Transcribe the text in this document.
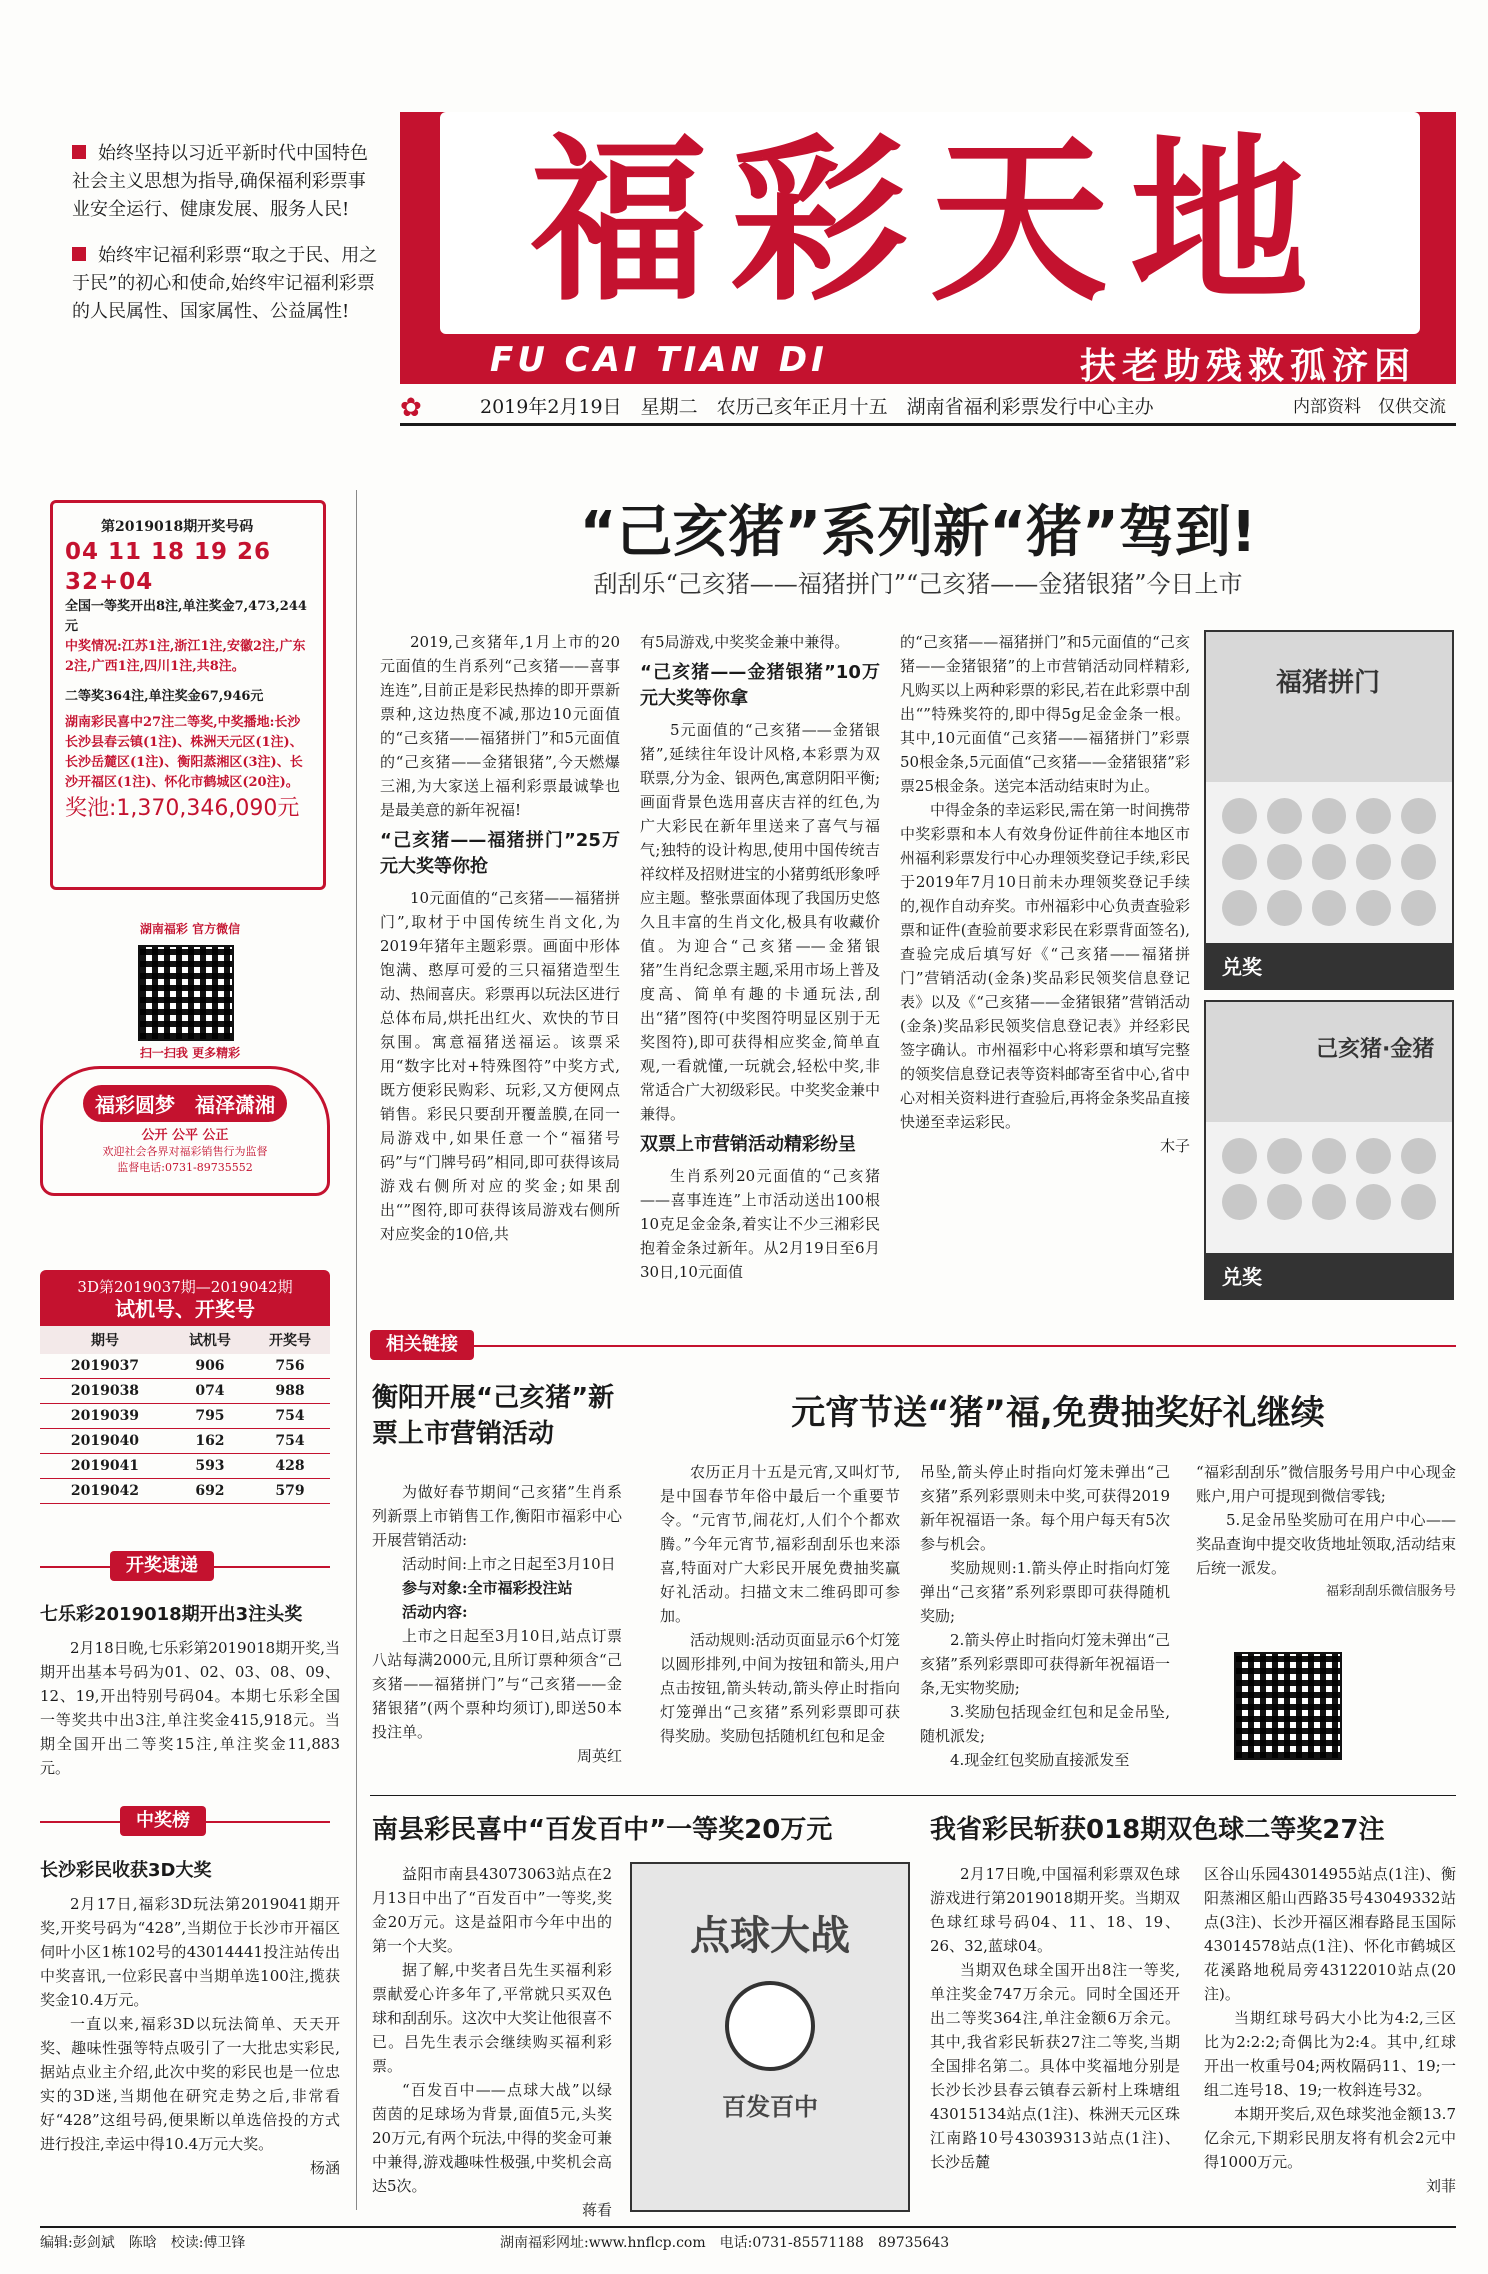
始终坚持以习近平新时代中国特色社会主义思想为指导,确保福利彩票事业安全运行、健康发展、服务人民!

始终牢记福利彩票“取之于民、用之于民”的初心和使命,始终牢记福利彩票的人民属性、国家属性、公益属性!	福彩天地
FU CAI TIAN DI	扶老助残救孤济困
✿	2019年2月19日　星期二　农历己亥年正月十五　湖南省福利彩票发行中心主办	内部资料　仅供交流
第2019018期开奖号码
04 11 18 19 26 32+04
全国一等奖开出8注,单注奖金7,473,244元
中奖情况:江苏1注,浙江1注,安徽2注,广东2注,广西1注,四川1注,共8注。
二等奖364注,单注奖金67,946元
湖南彩民喜中27注二等奖,中奖播地:长沙长沙县春云镇(1注)、株洲天元区(1注)、长沙岳麓区(1注)、衡阳蒸湘区(3注)、长沙开福区(1注)、怀化市鹤城区(20注)。
奖池:1,370,346,090元
湖南福彩 官方微信
扫一扫我 更多精彩
福彩圆梦　福泽潇湘
公开 公平 公正
欢迎社会各界对福彩销售行为监督
监督电话:0731-89735552
3D第2019037期—2019042期
试机号、开奖号
期号	试机号	开奖号
2019037	906	756
2019038	074	988
2019039	795	754
2019040	162	754
2019041	593	428
2019042	692	579
开奖速递
七乐彩2019018期开出3注头奖
2月18日晚,七乐彩第2019018期开奖,当期开出基本号码为01、02、03、08、09、12、19,开出特别号码04。本期七乐彩全国一等奖共中出3注,单注奖金415,918元。当期全国开出二等奖15注,单注奖金11,883元。
中奖榜
长沙彩民收获3D大奖

2月17日,福彩3D玩法第2019041期开奖,开奖号码为“428”,当期位于长沙市开福区伺叶小区1栋102号的43014441投注站传出中奖喜讯,一位彩民喜中当期单选100注,揽获奖金10.4万元。

一直以来,福彩3D以玩法简单、天天开奖、趣味性强等特点吸引了一大批忠实彩民,据站点业主介绍,此次中奖的彩民也是一位忠实的3D迷,当期他在研究走势之后,非常看好“428”这组号码,便果断以单选倍投的方式进行投注,幸运中得10.4万元大奖。

杨涵

“己亥猪”系列新“猪”驾到!
刮刮乐“己亥猪——福猪拼门”“己亥猪——金猪银猪”今日上市

2019,己亥猪年,1月上市的20元面值的生肖系列“己亥猪——喜事连连”,目前正是彩民热捧的即开票新票种,这边热度不减,那边10元面值的“己亥猪——福猪拼门”和5元面值的“己亥猪——金猪银猪”,今天燃爆三湘,为大家送上福利彩票最诚挚也是最美意的新年祝福!

“己亥猪——福猪拼门”25万元大奖等你抢

10元面值的“己亥猪——福猪拼门”,取材于中国传统生肖文化,为2019年猪年主题彩票。画面中形体饱满、憨厚可爱的三只福猪造型生动、热闹喜庆。彩票再以玩法区进行总体布局,烘托出红火、欢快的节日氛围。寓意福猪送福运。该票采用“数字比对+特殊图符”中奖方式,既方便彩民购彩、玩彩,又方便网点销售。彩民只要刮开覆盖膜,在同一局游戏中,如果任意一个“福猪号码”与“门牌号码”相同,即可获得该局游戏右侧所对应的奖金;如果刮出“”图符,即可获得该局游戏右侧所对应奖金的10倍,共

有5局游戏,中奖奖金兼中兼得。

“己亥猪——金猪银猪”10万元大奖等你拿

5元面值的“己亥猪——金猪银猪”,延续往年设计风格,本彩票为双联票,分为金、银两色,寓意阴阳平衡;画面背景色选用喜庆吉祥的红色,为广大彩民在新年里送来了喜气与福气;独特的设计构思,使用中国传统吉祥纹样及招财进宝的小猪剪纸形象呼应主题。整张票面体现了我国历史悠久且丰富的生肖文化,极具有收藏价值。为迎合“己亥猪——金猪银猪”生肖纪念票主题,采用市场上普及度高、简单有趣的卡通玩法,刮出“猪”图符(中奖图符明显区别于无奖图符),即可获得相应奖金,简单直观,一看就懂,一玩就会,轻松中奖,非常适合广大初级彩民。中奖奖金兼中兼得。

双票上市营销活动精彩纷呈

生肖系列20元面值的“己亥猪——喜事连连”上市活动送出100根10克足金金条,着实让不少三湘彩民抱着金条过新年。从2月19日至6月30日,10元面值

的“己亥猪——福猪拼门”和5元面值的“己亥猪——金猪银猪”的上市营销活动同样精彩,凡购买以上两种彩票的彩民,若在此彩票中刮出“”特殊奖符的,即中得5g足金金条一根。其中,10元面值“己亥猪——福猪拼门”彩票50根金条,5元面值“己亥猪——金猪银猪”彩票25根金条。送完本活动结束时为止。

中得金条的幸运彩民,需在第一时间携带中奖彩票和本人有效身份证件前往本地区市州福利彩票发行中心办理领奖登记手续,彩民于2019年7月10日前未办理领奖登记手续的,视作自动弃奖。市州福彩中心负责查验彩票和证件(查验前要求彩民在彩票背面签名),查验完成后填写好《“己亥猪——福猪拼门”营销活动(金条)奖品彩民领奖信息登记表》以及《“己亥猪——金猪银猪”营销活动(金条)奖品彩民领奖信息登记表》并经彩民签字确认。市州福彩中心将彩票和填写完整的领奖信息登记表等资料邮寄至省中心,省中心对相关资料进行查验后,再将金条奖品直接快递至幸运彩民。

木子

福猪拼门
兑奖
己亥猪·金猪
兑奖
相关链接
衡阳开展“己亥猪”新票上市营销活动

为做好春节期间“己亥猪”生肖系列新票上市销售工作,衡阳市福彩中心开展营销活动:

活动时间:上市之日起至3月10日

参与对象:全市福彩投注站

活动内容:

上市之日起至3月10日,站点订票八站每满2000元,且所订票种须含“己亥猪——福猪拼门”与“己亥猪——金猪银猪”(两个票种均须订),即送50本投注单。

周英红

元宵节送“猪”福,免费抽奖好礼继续

农历正月十五是元宵,又叫灯节,是中国春节年俗中最后一个重要节令。“元宵节,闹花灯,人们个个都欢腾。”今年元宵节,福彩刮刮乐也来添喜,特面对广大彩民开展免费抽奖赢好礼活动。扫描文末二维码即可参加。

活动规则:活动页面显示6个灯笼以圆形排列,中间为按钮和箭头,用户点击按钮,箭头转动,箭头停止时指向灯笼弹出“己亥猪”系列彩票即可获得奖励。奖励包括随机红包和足金

吊坠,箭头停止时指向灯笼未弹出“己亥猪”系列彩票则未中奖,可获得2019新年祝福语一条。每个用户每天有5次参与机会。

奖励规则:1.箭头停止时指向灯笼弹出“己亥猪”系列彩票即可获得随机奖励;

2.箭头停止时指向灯笼未弹出“己亥猪”系列彩票即可获得新年祝福语一条,无实物奖励;

3.奖励包括现金红包和足金吊坠,随机派发;

4.现金红包奖励直接派发至

“福彩刮刮乐”微信服务号用户中心现金账户,用户可提现到微信零钱;

5.足金吊坠奖励可在用户中心——奖品查询中提交收货地址领取,活动结束后统一派发。

福彩刮刮乐微信服务号

南县彩民喜中“百发百中”一等奖20万元

益阳市南县43073063站点在2月13日中出了“百发百中”一等奖,奖金20万元。这是益阳市今年中出的第一个大奖。

据了解,中奖者吕先生买福利彩票献爱心许多年了,平常就只买双色球和刮刮乐。这次中大奖让他很喜不已。吕先生表示会继续购买福利彩票。

“百发百中——点球大战”以绿茵茵的足球场为背景,面值5元,头奖20万元,有两个玩法,中得的奖金可兼中兼得,游戏趣味性极强,中奖机会高达5次。

蒋看

点球大战
百发百中
我省彩民斩获018期双色球二等奖27注

2月17日晚,中国福利彩票双色球游戏进行第2019018期开奖。当期双色球红球号码04、11、18、19、26、32,蓝球04。

当期双色球全国开出8注一等奖,单注奖金747万余元。同时全国还开出二等奖364注,单注金额6万余元。其中,我省彩民斩获27注二等奖,当期全国排名第二。具体中奖福地分别是长沙长沙县春云镇春云新村上珠塘组43015134站点(1注)、株洲天元区珠江南路10号43039313站点(1注)、长沙岳麓

区谷山乐园43014955站点(1注)、衡阳蒸湘区船山西路35号43049332站点(3注)、长沙开福区湘春路昆玉国际43014578站点(1注)、怀化市鹤城区花溪路地税局旁43122010站点(20注)。

当期红球号码大小比为4:2,三区比为2:2:2;奇偶比为2:4。其中,红球开出一枚重号04;两枚隔码11、19;一组二连号18、19;一枚斜连号32。

本期开奖后,双色球奖池金额13.7亿余元,下期彩民朋友将有机会2元中得1000万元。

刘菲

编辑:彭剑斌　陈晗　校读:傅卫锋	湖南福彩网址:www.hnflcp.com　电话:0731-85571188　89735643
